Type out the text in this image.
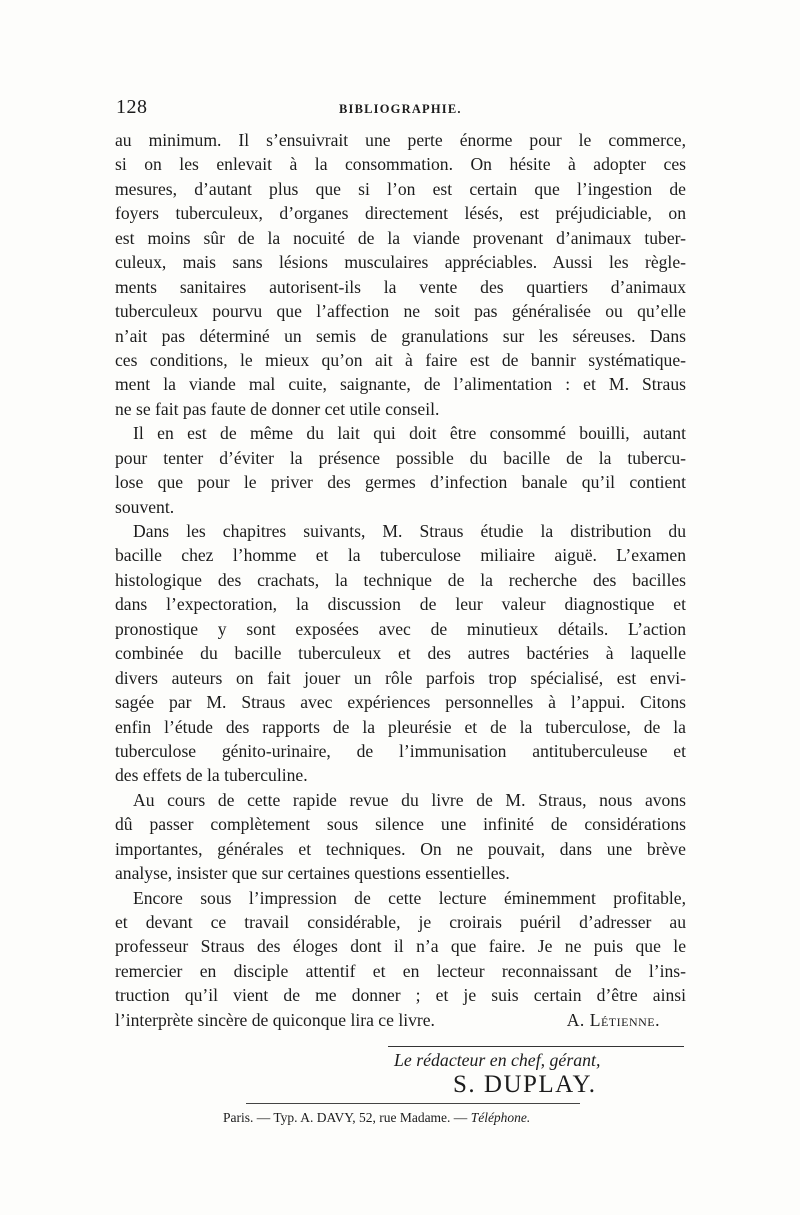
128	BIBLIOGRAPHIE.
au minimum. Il s’ensuivrait une perte énorme pour le commerce,
si on les enlevait à la consommation. On hésite à adopter ces
mesures, d’autant plus que si l’on est certain que l’ingestion de
foyers tuberculeux, d’organes directement lésés, est préjudiciable, on
est moins sûr de la nocuité de la viande provenant d’animaux tuber-
culeux, mais sans lésions musculaires appréciables. Aussi les règle-
ments sanitaires autorisent-ils la vente des quartiers d’animaux
tuberculeux pourvu que l’affection ne soit pas généralisée ou qu’elle
n’ait pas déterminé un semis de granulations sur les séreuses. Dans
ces conditions, le mieux qu’on ait à faire est de bannir systématique-
ment la viande mal cuite, saignante, de l’alimentation : et M. Straus
ne se fait pas faute de donner cet utile conseil.
Il en est de même du lait qui doit être consommé bouilli, autant
pour tenter d’éviter la présence possible du bacille de la tubercu-
lose que pour le priver des germes d’infection banale qu’il contient
souvent.
Dans les chapitres suivants, M. Straus étudie la distribution du
bacille chez l’homme et la tuberculose miliaire aiguë. L’examen
histologique des crachats, la technique de la recherche des bacilles
dans l’expectoration, la discussion de leur valeur diagnostique et
pronostique y sont exposées avec de minutieux détails. L’action
combinée du bacille tuberculeux et des autres bactéries à laquelle
divers auteurs on fait jouer un rôle parfois trop spécialisé, est envi-
sagée par M. Straus avec expériences personnelles à l’appui. Citons
enfin l’étude des rapports de la pleurésie et de la tuberculose, de la
tuberculose génito-urinaire, de l’immunisation antituberculeuse et
des effets de la tuberculine.
Au cours de cette rapide revue du livre de M. Straus, nous avons
dû passer complètement sous silence une infinité de considérations
importantes, générales et techniques. On ne pouvait, dans une brève
analyse, insister que sur certaines questions essentielles.
Encore sous l’impression de cette lecture éminemment profitable,
et devant ce travail considérable, je croirais puéril d’adresser au
professeur Straus des éloges dont il n’a que faire. Je ne puis que le
remercier en disciple attentif et en lecteur reconnaissant de l’ins-
truction qu’il vient de me donner ; et je suis certain d’être ainsi
l’interprète sincère de quiconque lira ce livre.	A. Létienne.
Le rédacteur en chef, gérant,
S. DUPLAY.
Paris. — Typ. A. DAVY, 52, rue Madame. — Téléphone.
